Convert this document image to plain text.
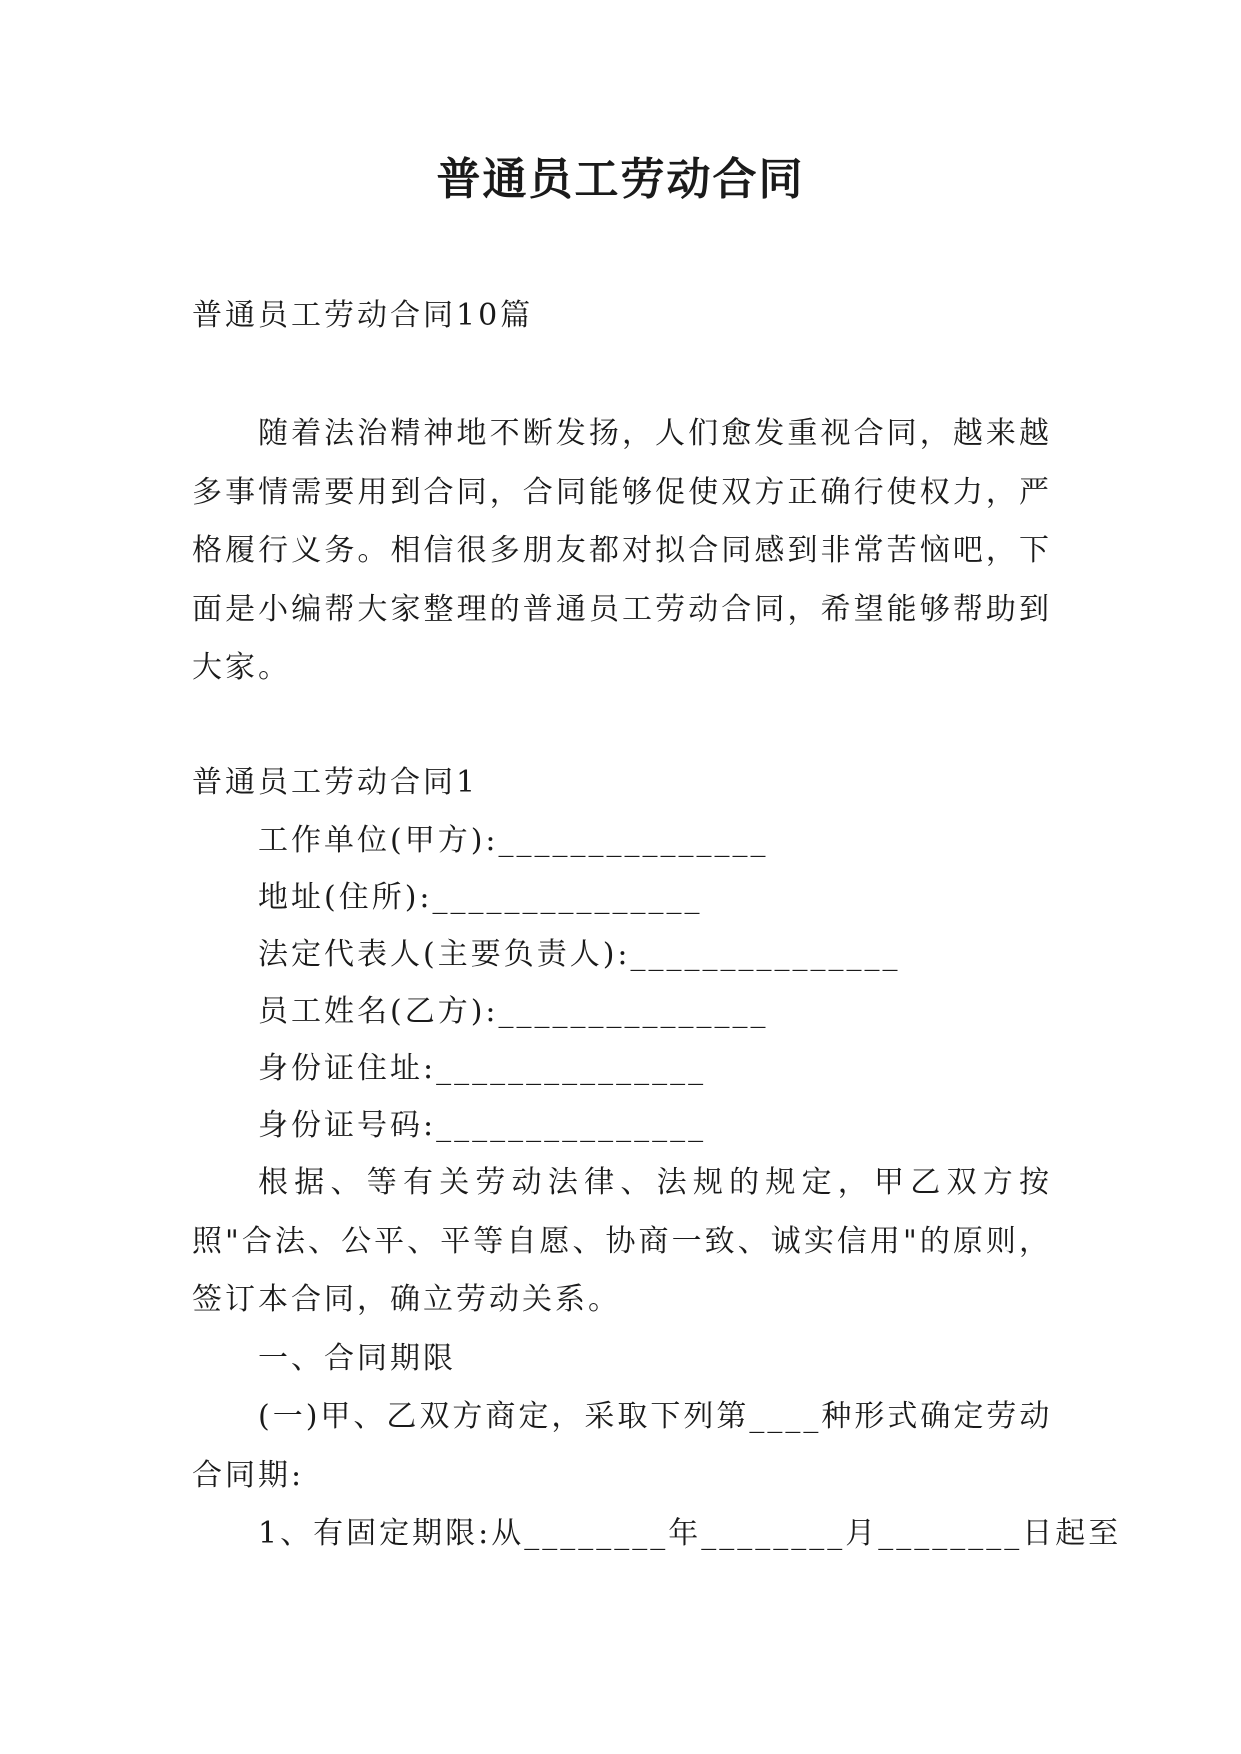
普通员工劳动合同
普通员工劳动合同10篇
随着法治精神地不断发扬，人们愈发重视合同，越来越多事情需要用到合同，合同能够促使双方正确行使权力，严格履行义务。相信很多朋友都对拟合同感到非常苦恼吧，下面是小编帮大家整理的普通员工劳动合同，希望能够帮助到大家。
普通员工劳动合同1
工作单位(甲方):_______________
地址(住所):_______________
法定代表人(主要负责人):_______________
员工姓名(乙方):_______________
身份证住址:_______________
身份证号码:_______________
根据、等有关劳动法律、法规的规定，甲乙双方按照"合法、公平、平等自愿、协商一致、诚实信用"的原则，签订本合同，确立劳动关系。
一、合同期限
(一)甲、乙双方商定，采取下列第____种形式确定劳动
合同期:
1、有固定期限:从________年________月________日起至
